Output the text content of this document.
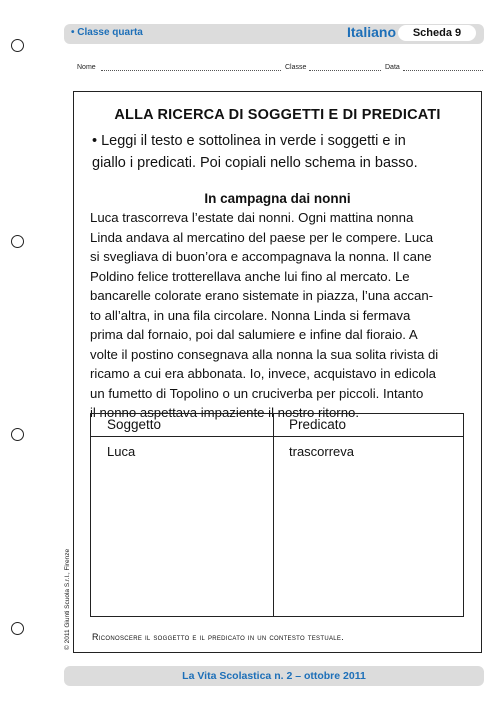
• Classe quarta	Italiano	Scheda 9
Nome	Classe	Data
ALLA RICERCA DI SOGGETTI E DI PREDICATI
• Leggi il testo e sottolinea in verde i soggetti e in
giallo i predicati. Poi copiali nello schema in basso.
In campagna dai nonni
Luca trascorreva l’estate dai nonni. Ogni mattina nonna
Linda andava al mercatino del paese per le compere. Luca
si svegliava di buon’ora e accompagnava la nonna. Il cane
Poldino felice trotterellava anche lui fino al mercato. Le
bancarelle colorate erano sistemate in piazza, l’una accan-
to all’altra, in una fila circolare. Nonna Linda si fermava
prima dal fornaio, poi dal salumiere e infine dal fioraio. A
volte il postino consegnava alla nonna la sua solita rivista di
ricamo a cui era abbonata. Io, invece, acquistavo in edicola
un fumetto di Topolino o un cruciverba per piccoli. Intanto
il nonno aspettava impaziente il nostro ritorno.
Soggetto	Predicato
Luca	trascorreva
Riconoscere il soggetto e il predicato in un contesto testuale.
© 2011 Giunti Scuola S.r.l., Firenze
La Vita Scolastica n. 2 – ottobre 2011
